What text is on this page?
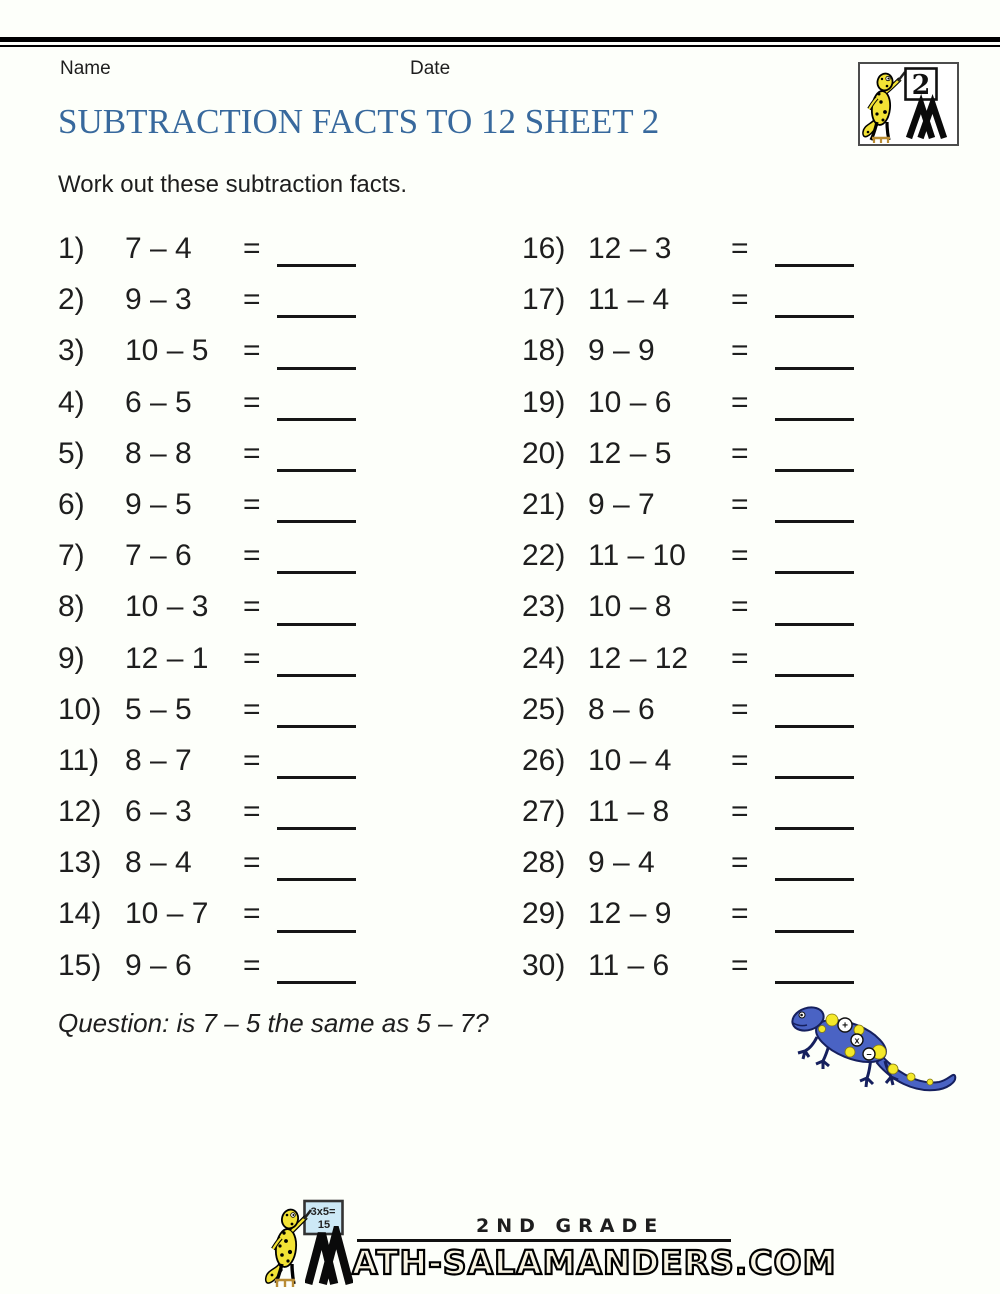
Name	Date
2
SUBTRACTION FACTS TO 12 SHEET 2

Work out these subtraction facts.

1)	7 – 4	=
2)	9 – 3	=
3)	10 – 5	=
4)	6 – 5	=
5)	8 – 8	=
6)	9 – 5	=
7)	7 – 6	=
8)	10 – 3	=
9)	12 – 1	=
10) 5 – 5	=
11) 8 – 7	=
12) 6 – 3	=
13) 8 – 4	=
14) 10 – 7	=
15) 9 – 6	=
16) 12 – 3	=
17) 11 – 4	=
18) 9 – 9	=
19) 10 – 6	=
20) 12 – 5	=
21) 9 – 7	=
22) 11 – 10	=
23) 10 – 8	=
24) 12 – 12	=
25) 8 – 6	=
26) 10 – 4	=
27) 11 – 8	=
28) 9 – 4	=
29) 12 – 9	=
30) 11 – 6	=

Question: is 7 – 5 the same as 5 – 7?	+
x
−
3x5=
15	2ND GRADE
ATH-SALAMANDERS.COM
